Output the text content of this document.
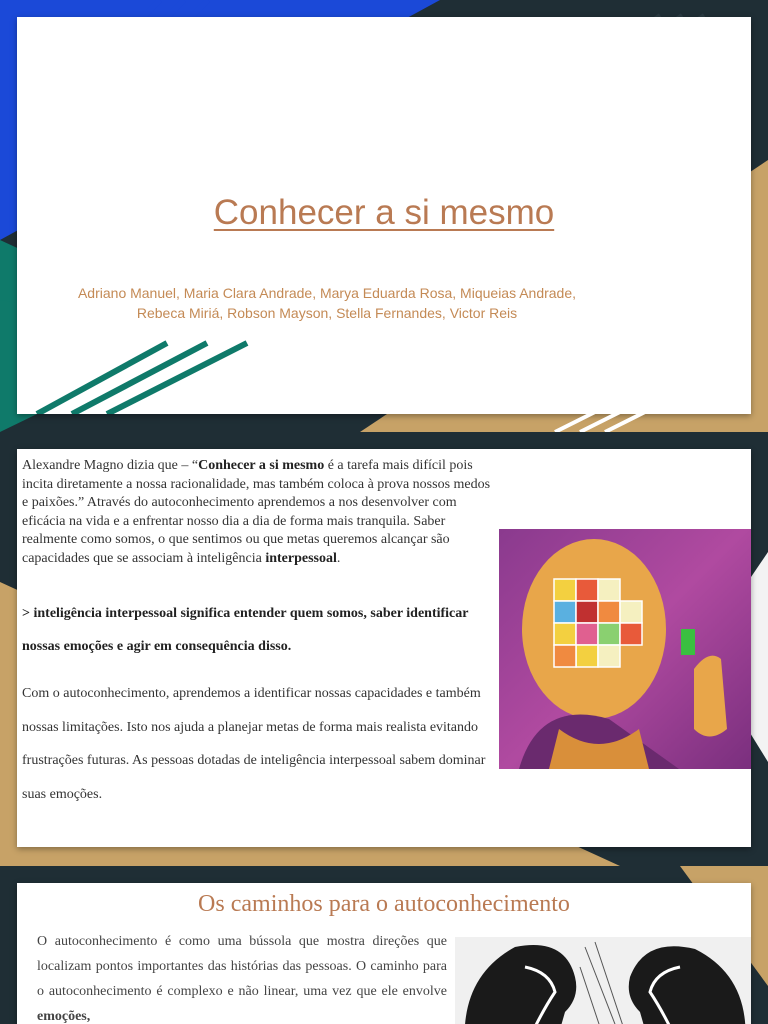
Conhecer a si mesmo
Adriano Manuel, Maria Clara Andrade, Marya Eduarda Rosa, Miqueias Andrade,
Rebeca Miriá, Robson Mayson, Stella Fernandes, Victor Reis
Alexandre Magno dizia que – “Conhecer a si mesmo é a tarefa mais difícil pois incita diretamente a nossa racionalidade, mas também coloca à prova nossos medos e paixões.” Através do autoconhecimento aprendemos a nos desenvolver com eficácia na vida e a enfrentar nosso dia a dia de forma mais tranquila. Saber realmente como somos, o que sentimos ou que metas queremos alcançar são capacidades que se associam à inteligência interpessoal.
> inteligência interpessoal significa entender quem somos, saber identificar nossas emoções e agir em consequência disso.
Com o autoconhecimento, aprendemos a identificar nossas capacidades e também nossas limitações. Isto nos ajuda a planejar metas de forma mais realista evitando frustrações futuras. As pessoas dotadas de inteligência interpessoal sabem dominar suas emoções.
Os caminhos para o autoconhecimento
O autoconhecimento é como uma bússola que mostra direções que localizam pontos importantes das histórias das pessoas. O caminho para o autoconhecimento é complexo e não linear, uma vez que ele envolve emoções,
